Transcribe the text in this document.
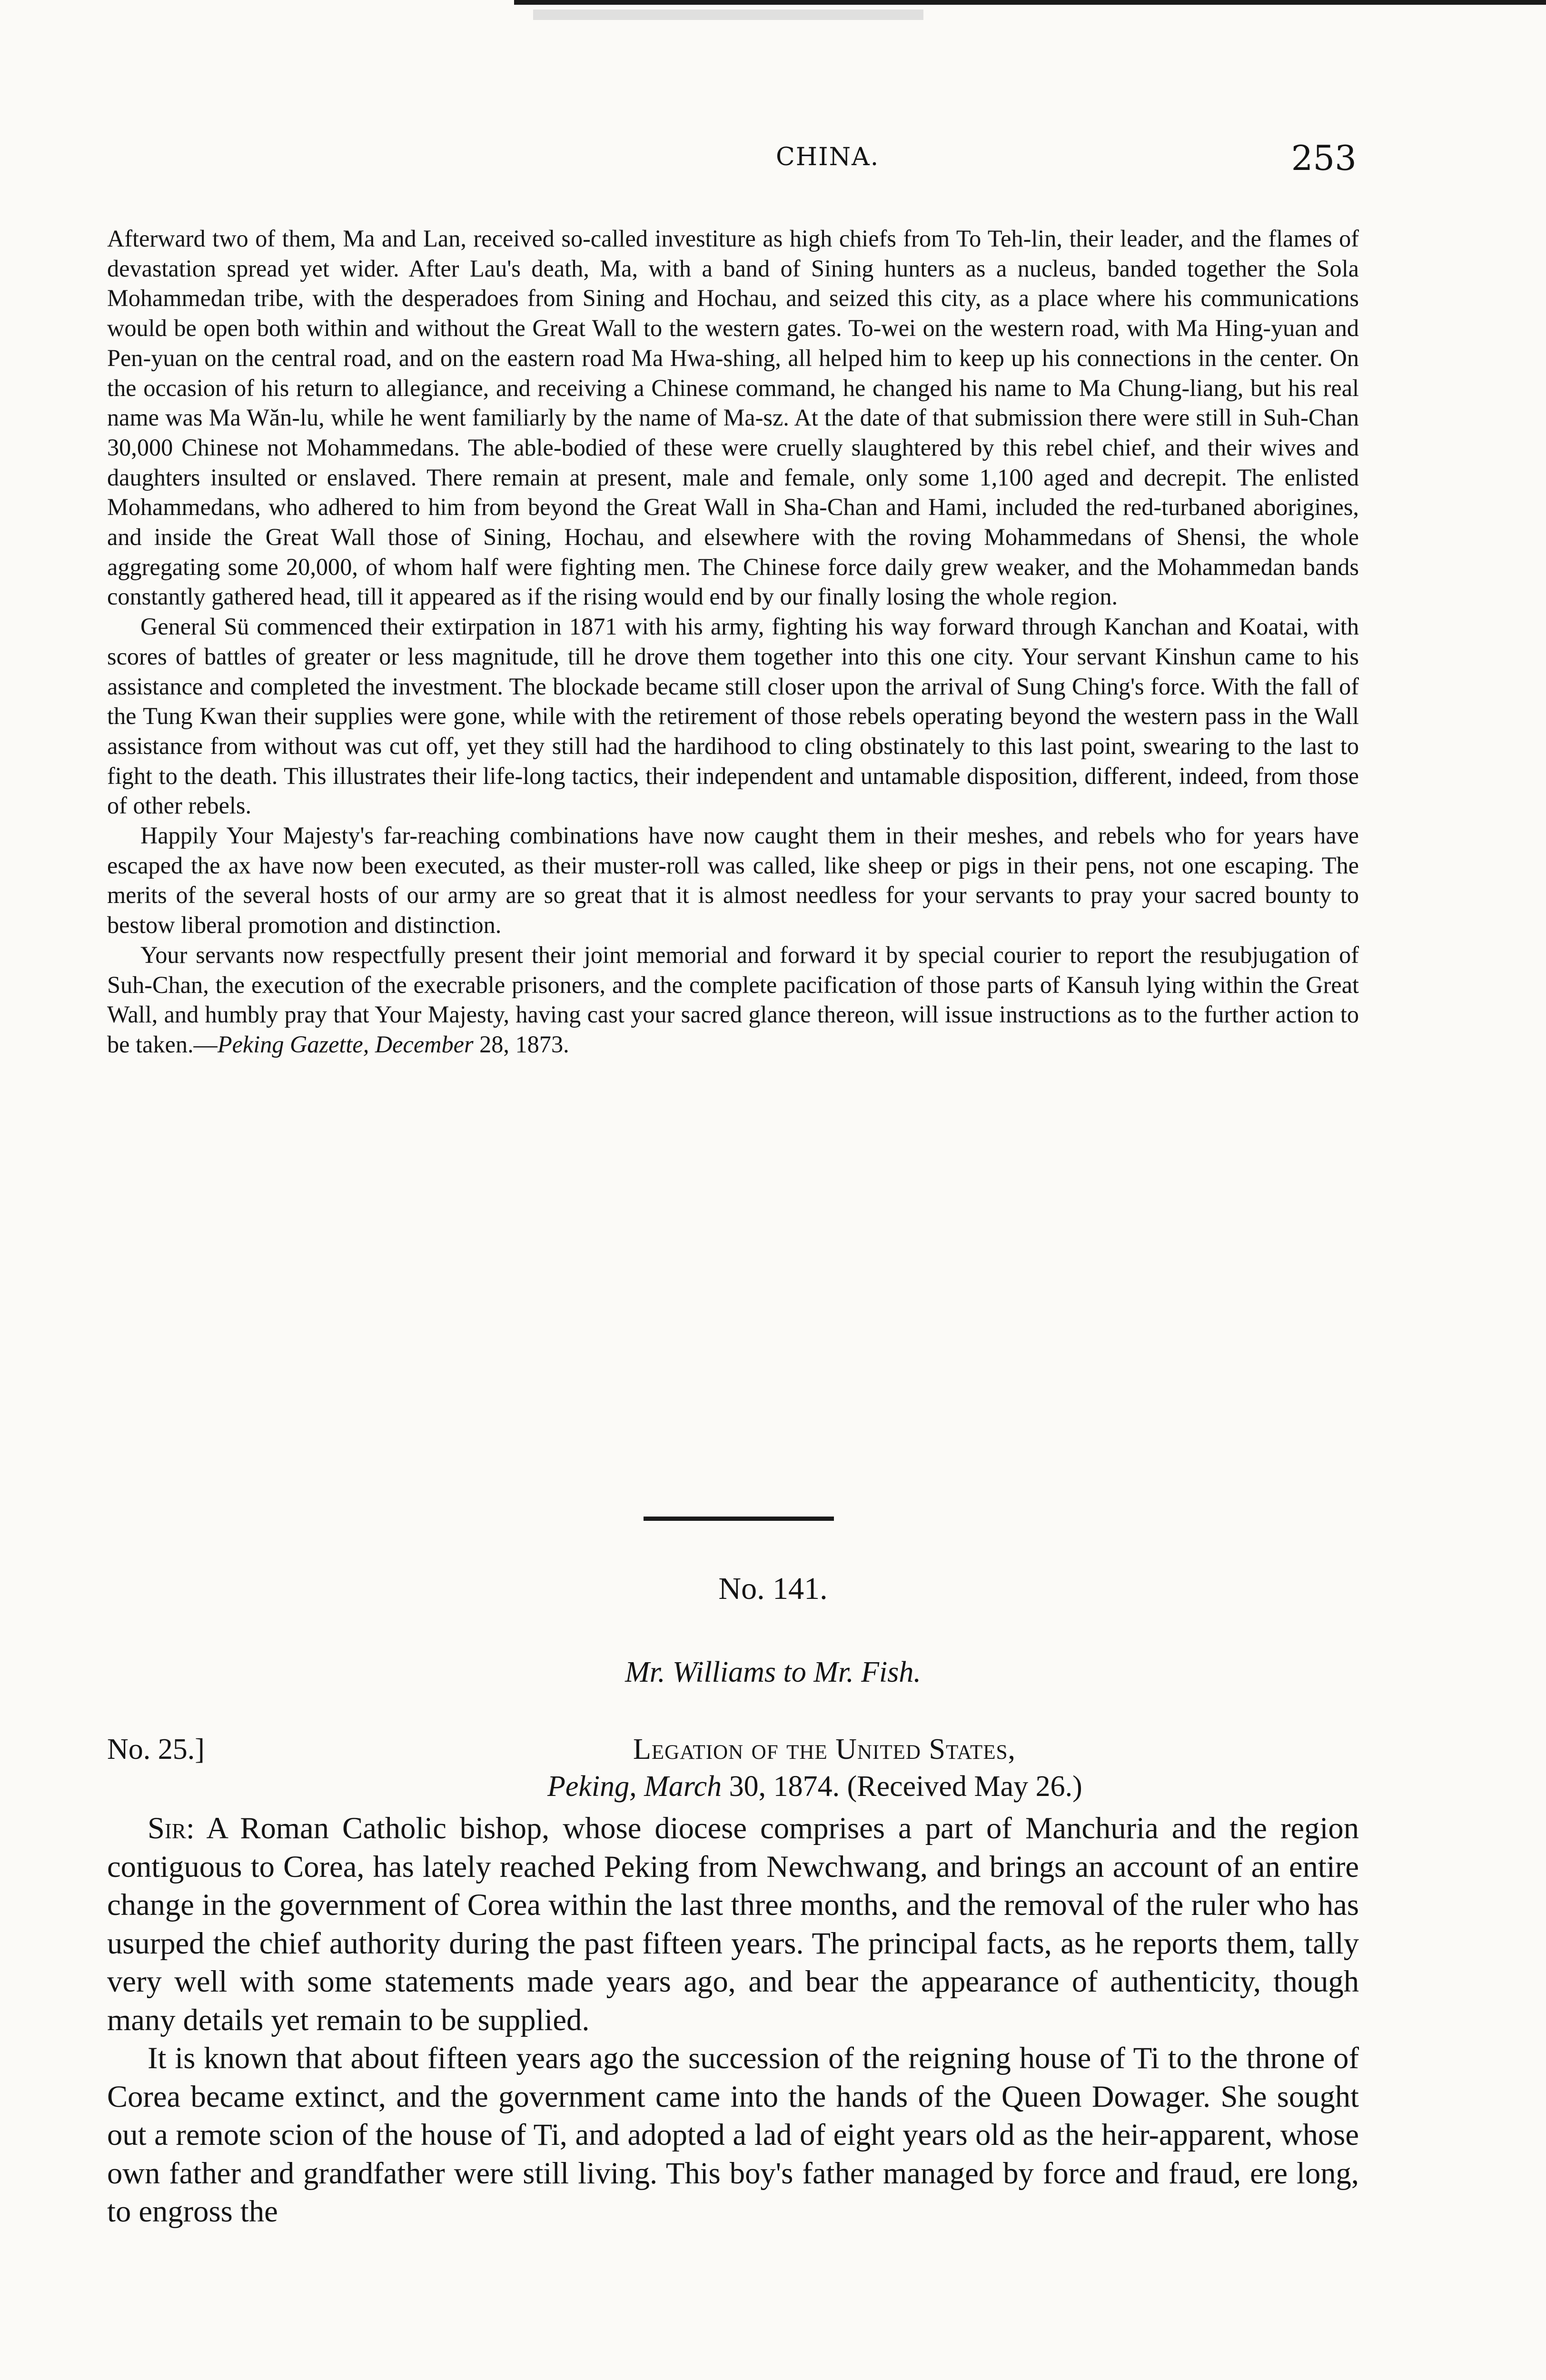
CHINA.	253

Afterward two of them, Ma and Lan, received so-called investiture as high chiefs from To Teh-lin, their leader, and the flames of devastation spread yet wider. After Lau's death, Ma, with a band of Sining hunters as a nucleus, banded together the Sola Mohammedan tribe, with the desperadoes from Sining and Hochau, and seized this city, as a place where his communications would be open both within and without the Great Wall to the western gates. To-wei on the western road, with Ma Hing-yuan and Pen-yuan on the central road, and on the eastern road Ma Hwa-shing, all helped him to keep up his connections in the center. On the occasion of his return to allegiance, and receiving a Chinese command, he changed his name to Ma Chung-liang, but his real name was Ma Wăn-lu, while he went familiarly by the name of Ma-sz. At the date of that submission there were still in Suh-Chan 30,000 Chinese not Mohammedans. The able-bodied of these were cruelly slaughtered by this rebel chief, and their wives and daughters insulted or enslaved. There remain at present, male and female, only some 1,100 aged and decrepit. The enlisted Mohammedans, who adhered to him from beyond the Great Wall in Sha-Chan and Hami, included the red-turbaned aborigines, and inside the Great Wall those of Sining, Hochau, and elsewhere with the roving Mohammedans of Shensi, the whole aggregating some 20,000, of whom half were fighting men. The Chinese force daily grew weaker, and the Mohammedan bands constantly gathered head, till it appeared as if the rising would end by our finally losing the whole region.

General Sü commenced their extirpation in 1871 with his army, fighting his way forward through Kanchan and Koatai, with scores of battles of greater or less magnitude, till he drove them together into this one city. Your servant Kinshun came to his assistance and completed the investment. The blockade became still closer upon the arrival of Sung Ching's force. With the fall of the Tung Kwan their supplies were gone, while with the retirement of those rebels operating beyond the western pass in the Wall assistance from without was cut off, yet they still had the hardihood to cling obstinately to this last point, swearing to the last to fight to the death. This illustrates their life-long tactics, their independent and untamable disposition, different, indeed, from those of other rebels.

Happily Your Majesty's far-reaching combinations have now caught them in their meshes, and rebels who for years have escaped the ax have now been executed, as their muster-roll was called, like sheep or pigs in their pens, not one escaping. The merits of the several hosts of our army are so great that it is almost needless for your servants to pray your sacred bounty to bestow liberal promotion and distinction.

Your servants now respectfully present their joint memorial and forward it by special courier to report the resubjugation of Suh-Chan, the execution of the execrable prisoners, and the complete pacification of those parts of Kansuh lying within the Great Wall, and humbly pray that Your Majesty, having cast your sacred glance thereon, will issue instructions as to the further action to be taken.—Peking Gazette, December 28, 1873.

No. 141.
Mr. Williams to Mr. Fish.
No. 25.]	Legation of the United States,
Peking, March 30, 1874. (Received May 26.)

Sir: A Roman Catholic bishop, whose diocese comprises a part of Manchuria and the region contiguous to Corea, has lately reached Peking from Newchwang, and brings an account of an entire change in the government of Corea within the last three months, and the removal of the ruler who has usurped the chief authority during the past fifteen years. The principal facts, as he reports them, tally very well with some statements made years ago, and bear the appearance of authenticity, though many details yet remain to be supplied.

It is known that about fifteen years ago the succession of the reigning house of Ti to the throne of Corea became extinct, and the government came into the hands of the Queen Dowager. She sought out a remote scion of the house of Ti, and adopted a lad of eight years old as the heir-apparent, whose own father and grandfather were still living. This boy's father managed by force and fraud, ere long, to engross the
